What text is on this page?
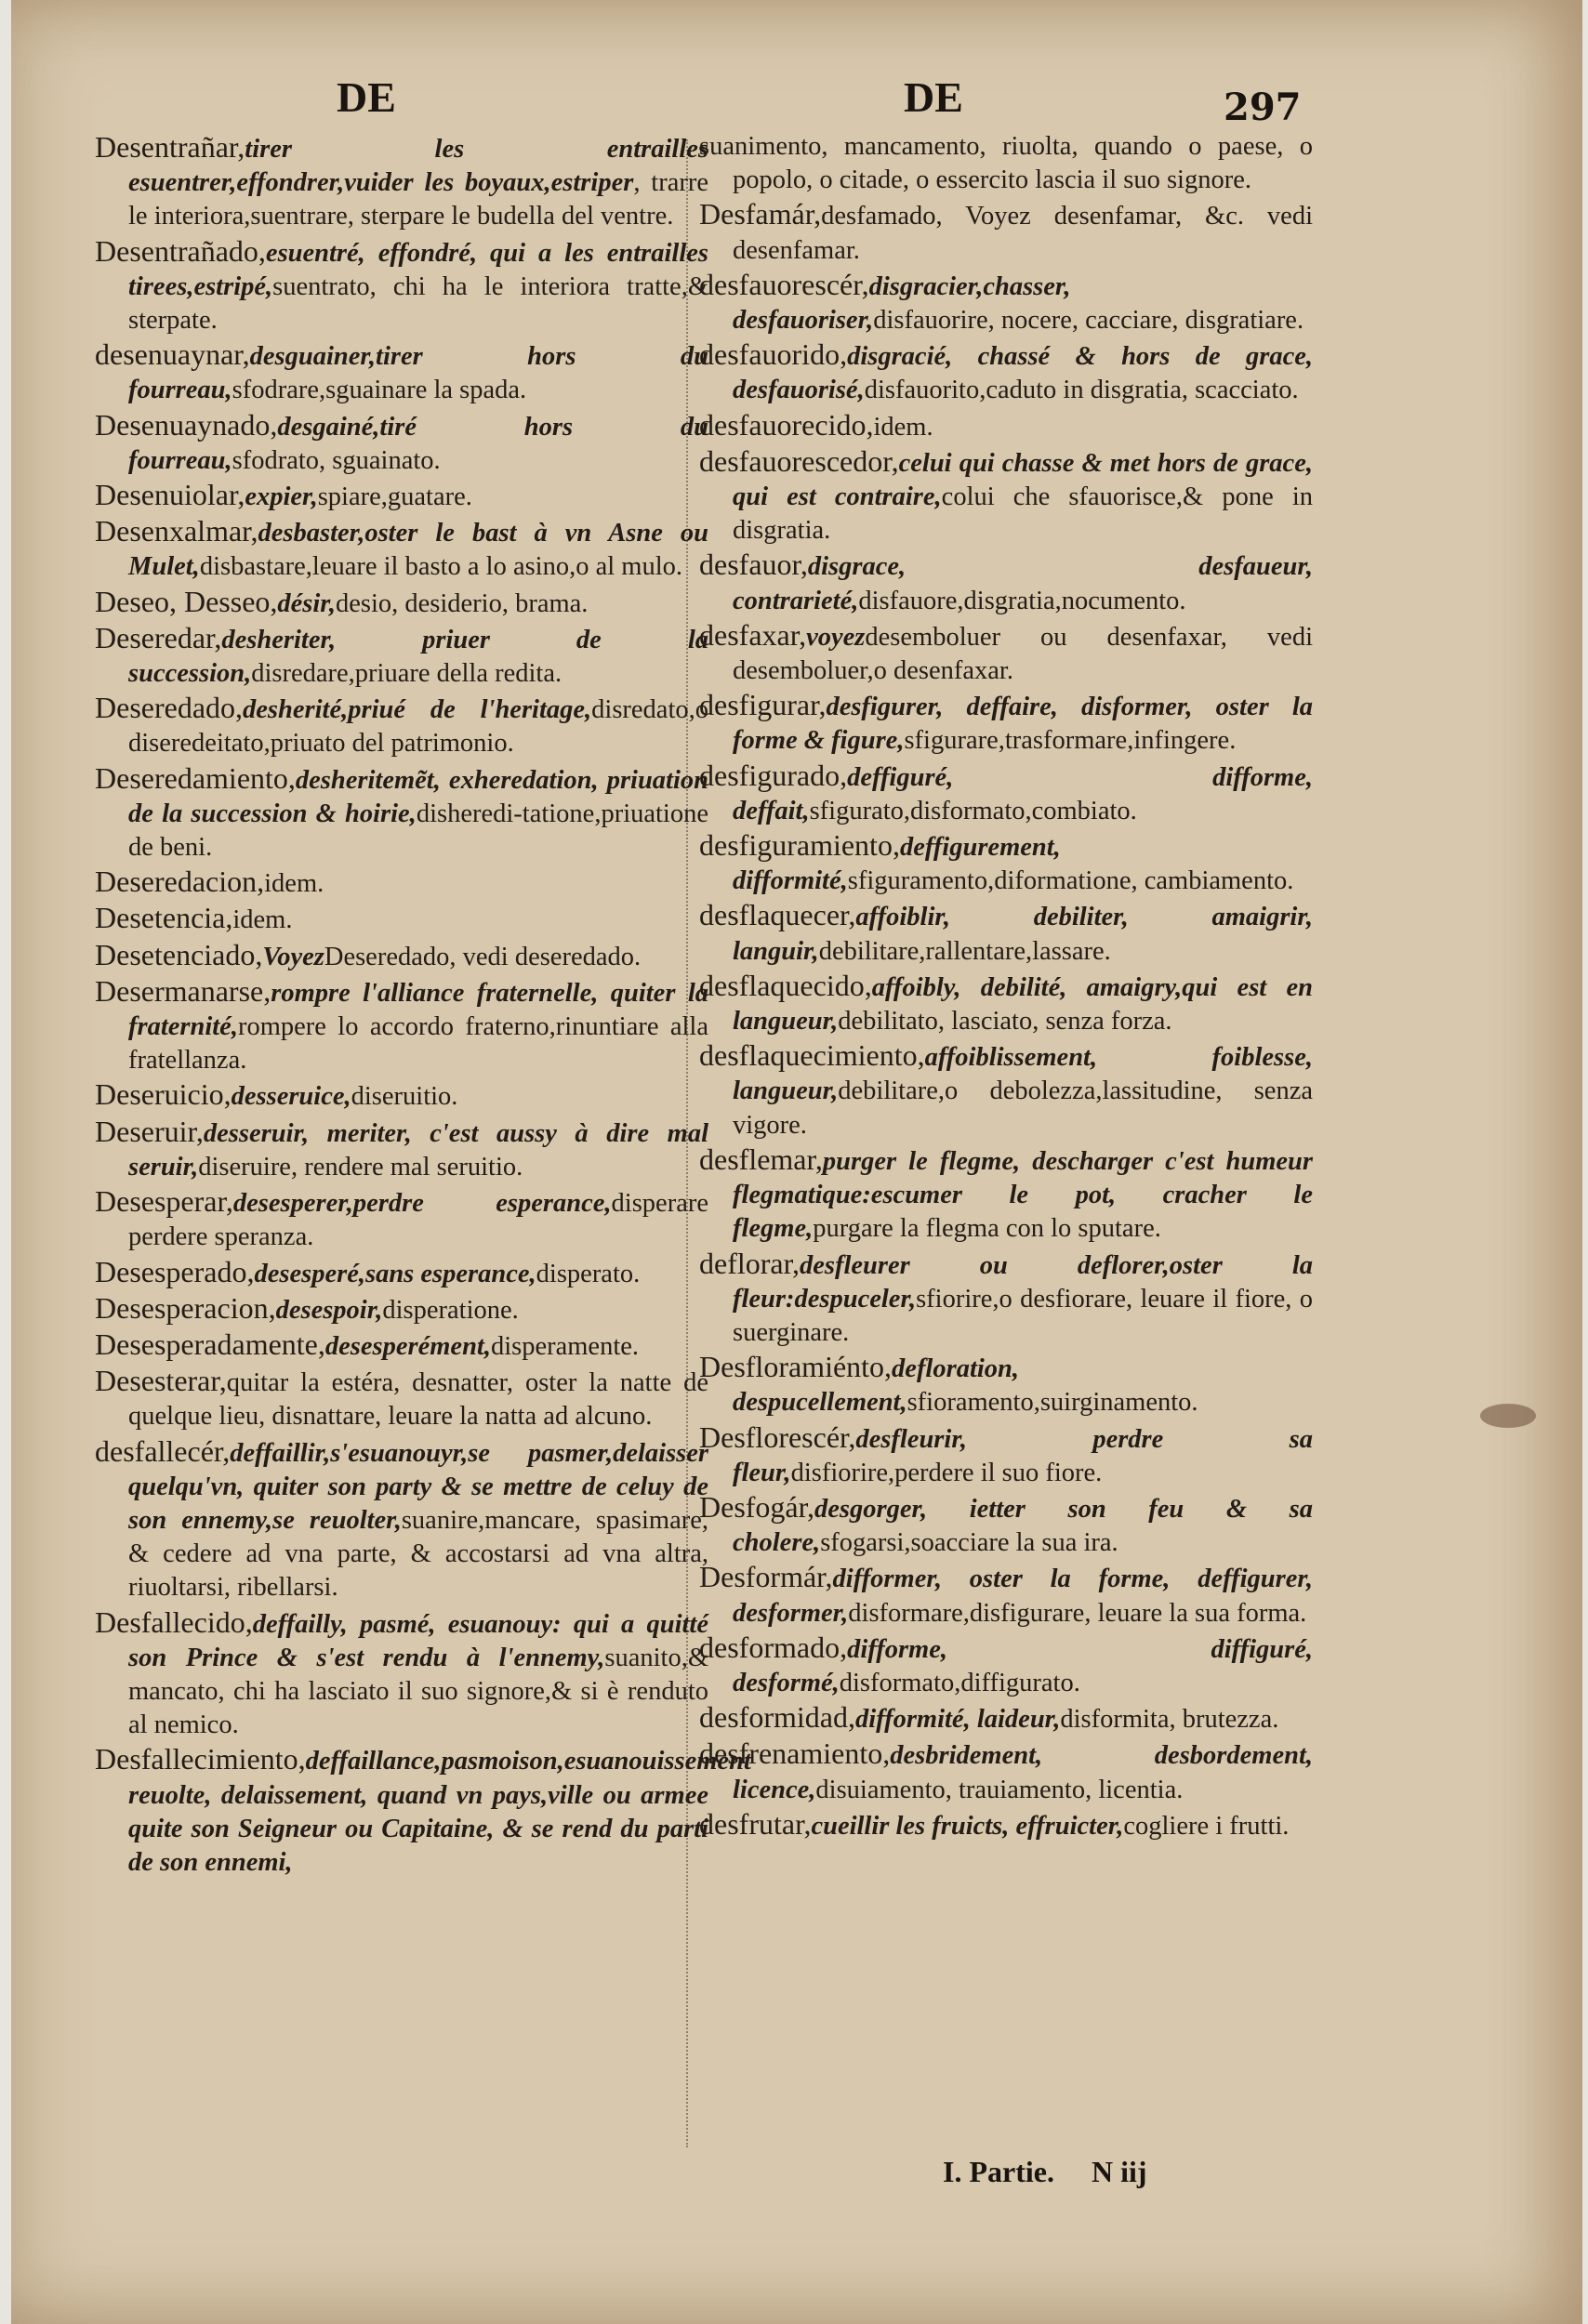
DE	DE	297

Desentrañar,tirer les entrailles esuentrer,effondrer,vuider les boyaux,estriper, trarre le interiora,suentrare, sterpare le budella del ventre.

Desentrañado,esuentré, effondré, qui a les entrailles tirees,estripé,suentrato, chi ha le interiora tratte,& sterpate.

desenuaynar,desguainer,tirer hors du fourreau,sfodrare,sguainare la spada.

Desenuaynado,desgainé,tiré hors du fourreau,sfodrato, sguainato.

Desenuiolar,expier,spiare,guatare.

Desenxalmar,desbaster,oster le bast à vn Asne ou Mulet,disbastare,leuare il basto a lo asino,o al mulo.

Deseo, Desseo,désir,desio, desiderio, brama.

Deseredar,desheriter, priuer de la succession,disredare,priuare della redita.

Deseredado,desherité,priué de l'heritage,disredato,o diseredeitato,priuato del patrimonio.

Deseredamiento,desheritemẽt, exheredation, priuation de la succession & hoirie,disheredi-tatione,priuatione de beni.

Deseredacion,idem.

Desetencia,idem.

Desetenciado,VoyezDeseredado, vedi deseredado.

Desermanarse,rompre l'alliance fraternelle, quiter la fraternité,rompere lo accordo fraterno,rinuntiare alla fratellanza.

Deseruicio,desseruice,diseruitio.

Deseruir,desseruir, meriter, c'est aussy à dire mal seruir,diseruire, rendere mal seruitio.

Desesperar,desesperer,perdre esperance,disperare perdere speranza.

Desesperado,desesperé,sans esperance,disperato.

Desesperacion,desespoir,disperatione.

Desesperadamente,desesperément,disperamente.

Desesterar,quitar la estéra, desnatter, oster la natte de quelque lieu, disnattare, leuare la natta ad alcuno.

desfallecér,deffaillir,s'esuanouyr,se pasmer,delaisser quelqu'vn, quiter son party & se mettre de celuy de son ennemy,se reuolter,suanire,mancare, spasimare, & cedere ad vna parte, & accostarsi ad vna altra, riuoltarsi, ribellarsi.

Desfallecido,deffailly, pasmé, esuanouy: qui a quitté son Prince & s'est rendu à l'ennemy,suanito,& mancato, chi ha lasciato il suo signore,& si è renduto al nemico.

Desfallecimiento,deffaillance,pasmoison,esuanouissement reuolte, delaissement, quand vn pays,ville ou armee quite son Seigneur ou Capitaine, & se rend du parti de son ennemi,

suanimento, mancamento, riuolta, quando o paese, o popolo, o citade, o essercito lascia il suo signore.

Desfamár,desfamado, Voyez desenfamar, &c. vedi desenfamar.

desfauorescér,disgracier,chasser, desfauoriser,disfauorire, nocere, cacciare, disgratiare.

desfauorido,disgracié, chassé & hors de grace, desfauorisé,disfauorito,caduto in disgratia, scacciato.

desfauorecido,idem.

desfauorescedor,celui qui chasse & met hors de grace, qui est contraire,colui che sfauorisce,& pone in disgratia.

desfauor,disgrace, desfaueur, contrarieté,disfauore,disgratia,nocumento.

desfaxar,voyezdesemboluer ou desenfaxar, vedi desemboluer,o desenfaxar.

desfigurar,desfigurer, deffaire, disformer, oster la forme & figure,sfigurare,trasformare,infingere.

desfigurado,deffiguré, difforme, deffait,sfigurato,disformato,combiato.

desfiguramiento,deffigurement, difformité,sfiguramento,diformatione, cambiamento.

desflaquecer,affoiblir, debiliter, amaigrir, languir,debilitare,rallentare,lassare.

desflaquecido,affoibly, debilité, amaigry,qui est en langueur,debilitato, lasciato, senza forza.

desflaquecimiento,affoiblissement, foiblesse, langueur,debilitare,o debolezza,lassitudine, senza vigore.

desflemar,purger le flegme, descharger c'est humeur flegmatique:escumer le pot, cracher le flegme,purgare la flegma con lo sputare.

deflorar,desfleurer ou deflorer,oster la fleur:despuceler,sfiorire,o desfiorare, leuare il fiore, o suerginare.

Desfloramiénto,defloration, despucellement,sfioramento,suirginamento.

Desflorescér,desfleurir, perdre sa fleur,disfiorire,perdere il suo fiore.

Desfogár,desgorger, ietter son feu & sa cholere,sfogarsi,soacciare la sua ira.

Desformár,difformer, oster la forme, deffigurer, desformer,disformare,disfigurare, leuare la sua forma.

desformado,difforme, diffiguré, desformé,disformato,diffigurato.

desformidad,difformité, laideur,disformita, brutezza.

desfrenamiento,desbridement, desbordement, licence,disuiamento, trauiamento, licentia.

desfrutar,cueillir les fruicts, effruicter,cogliere i frutti.

I. Partie. N iij
